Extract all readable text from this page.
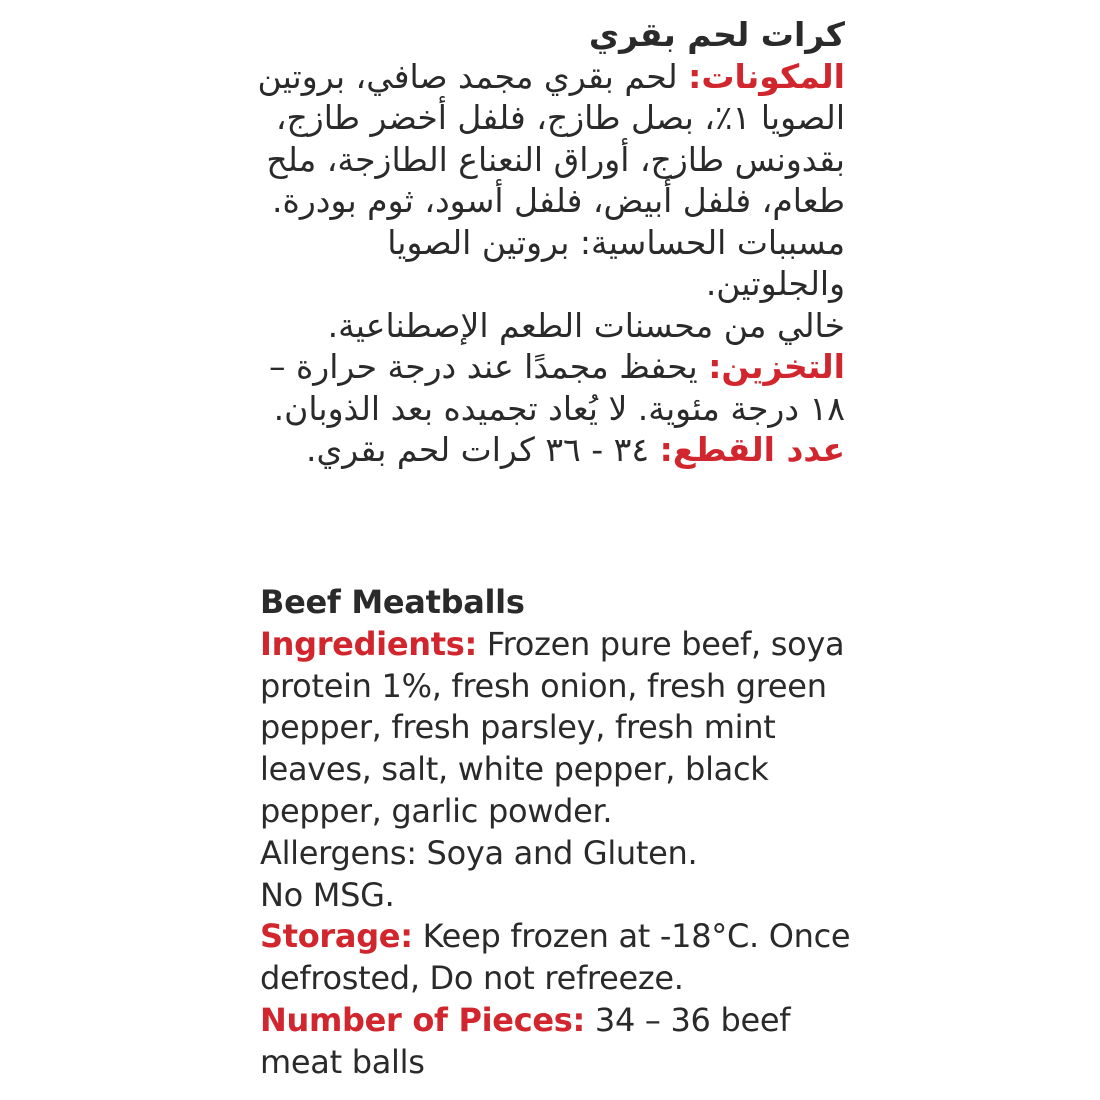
كرات لحم بقري

المكونات: لحم بقري مجمد صافي، بروتين الصويا ١٪، بصل طازج، فلفل أخضر طازج، بقدونس طازج، أوراق النعناع الطازجة، ملح طعام، فلفل أبيض، فلفل أسود، ثوم بودرة.

مسببات الحساسية: بروتين الصويا والجلوتين.

خالي من محسنات الطعم الإصطناعية.

التخزين: يحفظ مجمدًا عند درجة حرارة –١٨ درجة مئوية. لا يُعاد تجميده بعد الذوبان.

عدد القطع: ٣٤ - ٣٦ كرات لحم بقري.

Beef Meatballs

Ingredients: Frozen pure beef, soya protein 1%, fresh onion, fresh green pepper, fresh parsley, fresh mint leaves, salt, white pepper, black pepper, garlic powder.

Allergens: Soya and Gluten.

No MSG.

Storage: Keep frozen at -18°C. Once defrosted, Do not refreeze.

Number of Pieces: 34 – 36 beef meat balls
